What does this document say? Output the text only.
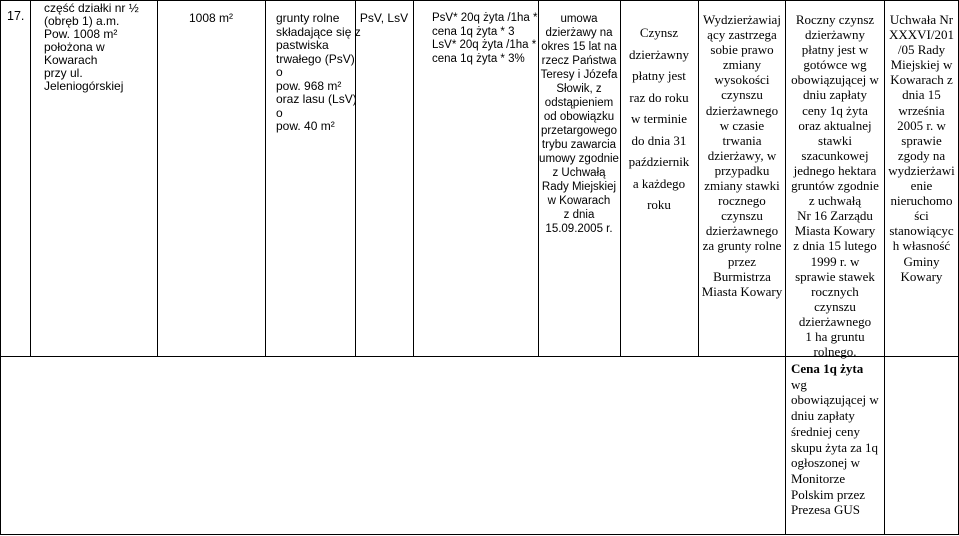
17.
część działki nr ½
(obręb 1) a.m.
Pow. 1008 m²
położona w Kowarach
przy ul. Jeleniogórskiej
1008 m²	grunty rolne
składające się z
pastwiska
trwałego (PsV) o
pow. 968 m²
oraz lasu (LsV) o
pow. 40 m²
PsV, LsV	PsV* 20q żyta /1ha *
cena 1q żyta * 3
LsV* 20q żyta /1ha *
cena 1q żyta * 3%
umowa
dzierżawy na
okres 15 lat na
rzecz Państwa
Teresy i Józefa
Słowik, z
odstąpieniem
od obowiązku
przetargowego
trybu zawarcia
umowy zgodnie
z Uchwałą
Rady Miejskiej
w Kowarach
z dnia
15.09.2005 r.
Czynsz
dzierżawny
płatny jest
raz do roku
w terminie
do dnia 31
październik
a każdego
roku
Wydzierżawiaj
ący zastrzega
sobie prawo
zmiany
wysokości
czynszu
dzierżawnego
w czasie
trwania
dzierżawy, w
przypadku
zmiany stawki
rocznego
czynszu
dzierżawnego
za grunty rolne
przez
Burmistrza
Miasta Kowary
Roczny czynsz
dzierżawny
płatny jest w
gotówce wg
obowiązującej w
dniu zapłaty
ceny 1q żyta
oraz aktualnej
stawki
szacunkowej
jednego hektara
gruntów zgodnie
z uchwałą
Nr 16 Zarządu
Miasta Kowary
z dnia 15 lutego
1999 r. w
sprawie stawek
rocznych
czynszu
dzierżawnego
1 ha gruntu
rolnego.
Uchwała Nr
XXXVI/201
/05 Rady
Miejskiej w
Kowarach z
dnia 15
września
2005 r. w
sprawie
zgody na
wydzierżawi
enie
nieruchomo
ści
stanowiącyc
h własność
Gminy
Kowary
Cena 1q żyta
wg
obowiązującej w
dniu zapłaty
średniej ceny
skupu żyta za 1q
ogłoszonej w
Monitorze
Polskim przez
Prezesa GUS
